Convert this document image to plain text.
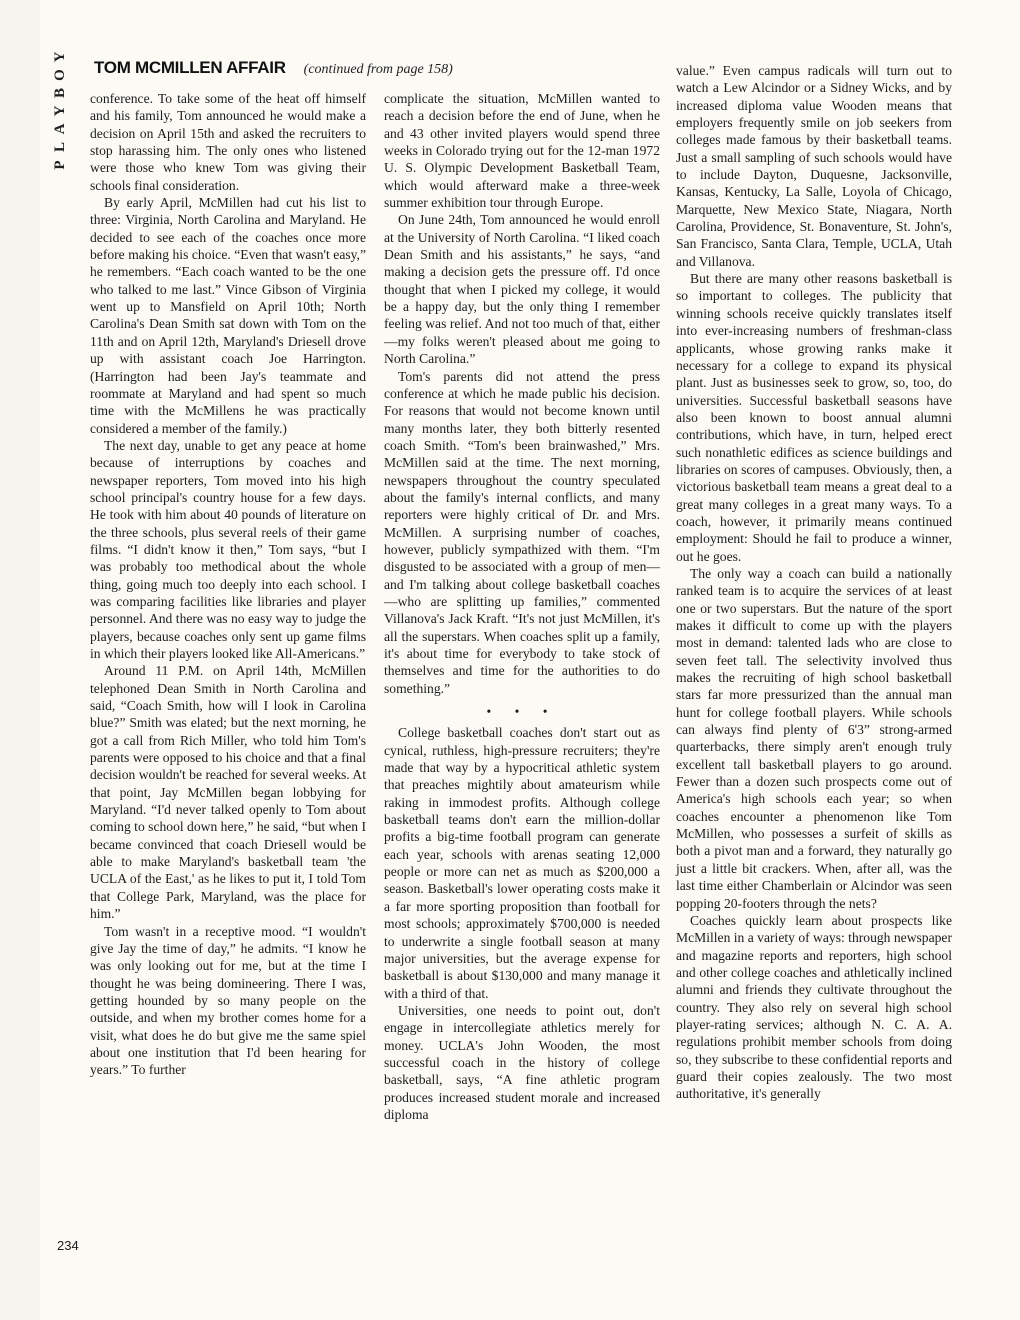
Y
O
B
Y
A
L
P
TOM MCMILLEN AFFAIR (continued from page 158)

conference. To take some of the heat off himself and his family, Tom announced he would make a decision on April 15th and asked the recruiters to stop harassing him. The only ones who listened were those who knew Tom was giving their schools final consideration.

By early April, McMillen had cut his list to three: Virginia, North Carolina and Maryland. He decided to see each of the coaches once more before making his choice. “Even that wasn't easy,” he remembers. “Each coach wanted to be the one who talked to me last.” Vince Gibson of Virginia went up to Mansfield on April 10th; North Carolina's Dean Smith sat down with Tom on the 11th and on April 12th, Maryland's Driesell drove up with assistant coach Joe Harrington. (Harrington had been Jay's teammate and roommate at Maryland and had spent so much time with the McMillens he was practically considered a member of the family.)

The next day, unable to get any peace at home because of interruptions by coaches and newspaper reporters, Tom moved into his high school principal's country house for a few days. He took with him about 40 pounds of literature on the three schools, plus several reels of their game films. “I didn't know it then,” Tom says, “but I was probably too methodical about the whole thing, going much too deeply into each school. I was comparing facilities like libraries and player personnel. And there was no easy way to judge the players, because coaches only sent up game films in which their players looked like All-Americans.”

Around 11 P.M. on April 14th, McMillen telephoned Dean Smith in North Carolina and said, “Coach Smith, how will I look in Carolina blue?” Smith was elated; but the next morning, he got a call from Rich Miller, who told him Tom's parents were opposed to his choice and that a final decision wouldn't be reached for several weeks. At that point, Jay McMillen began lobbying for Maryland. “I'd never talked openly to Tom about coming to school down here,” he said, “but when I became convinced that coach Driesell would be able to make Maryland's basketball team 'the UCLA of the East,' as he likes to put it, I told Tom that College Park, Maryland, was the place for him.”

Tom wasn't in a receptive mood. “I wouldn't give Jay the time of day,” he admits. “I know he was only looking out for me, but at the time I thought he was being domineering. There I was, getting hounded by so many people on the outside, and when my brother comes home for a visit, what does he do but give me the same spiel about one institution that I'd been hearing for years.” To further

complicate the situation, McMillen wanted to reach a decision before the end of June, when he and 43 other invited players would spend three weeks in Colorado trying out for the 12-man 1972 U. S. Olympic Development Basketball Team, which would afterward make a three-week summer exhibition tour through Europe.

On June 24th, Tom announced he would enroll at the University of North Carolina. “I liked coach Dean Smith and his assistants,” he says, “and making a decision gets the pressure off. I'd once thought that when I picked my college, it would be a happy day, but the only thing I remember feeling was relief. And not too much of that, either—my folks weren't pleased about me going to North Carolina.”

Tom's parents did not attend the press conference at which he made public his decision. For reasons that would not become known until many months later, they both bitterly resented coach Smith. “Tom's been brainwashed,” Mrs. McMillen said at the time. The next morning, newspapers throughout the country speculated about the family's internal conflicts, and many reporters were highly critical of Dr. and Mrs. McMillen. A surprising number of coaches, however, publicly sympathized with them. “I'm disgusted to be associated with a group of men—and I'm talking about college basketball coaches—who are splitting up families,” commented Villanova's Jack Kraft. “It's not just McMillen, it's all the superstars. When coaches split up a family, it's about time for everybody to take stock of themselves and time for the authorities to do something.”

• • •

College basketball coaches don't start out as cynical, ruthless, high-pressure recruiters; they're made that way by a hypocritical athletic system that preaches mightily about amateurism while raking in immodest profits. Although college basketball teams don't earn the million-dollar profits a big-time football program can generate each year, schools with arenas seating 12,000 people or more can net as much as $200,000 a season. Basketball's lower operating costs make it a far more sporting proposition than football for most schools; approximately $700,000 is needed to underwrite a single football season at many major universities, but the average expense for basketball is about $130,000 and many manage it with a third of that.

Universities, one needs to point out, don't engage in intercollegiate athletics merely for money. UCLA's John Wooden, the most successful coach in the history of college basketball, says, “A fine athletic program produces increased student morale and increased diploma

value.” Even campus radicals will turn out to watch a Lew Alcindor or a Sidney Wicks, and by increased diploma value Wooden means that employers frequently smile on job seekers from colleges made famous by their basketball teams. Just a small sampling of such schools would have to include Dayton, Duquesne, Jacksonville, Kansas, Kentucky, La Salle, Loyola of Chicago, Marquette, New Mexico State, Niagara, North Carolina, Providence, St. Bonaventure, St. John's, San Francisco, Santa Clara, Temple, UCLA, Utah and Villanova.

But there are many other reasons basketball is so important to colleges. The publicity that winning schools receive quickly translates itself into ever-increasing numbers of freshman-class applicants, whose growing ranks make it necessary for a college to expand its physical plant. Just as businesses seek to grow, so, too, do universities. Successful basketball seasons have also been known to boost annual alumni contributions, which have, in turn, helped erect such nonathletic edifices as science buildings and libraries on scores of campuses. Obviously, then, a victorious basketball team means a great deal to a great many colleges in a great many ways. To a coach, however, it primarily means continued employment: Should he fail to produce a winner, out he goes.

The only way a coach can build a nationally ranked team is to acquire the services of at least one or two superstars. But the nature of the sport makes it difficult to come up with the players most in demand: talented lads who are close to seven feet tall. The selectivity involved thus makes the recruiting of high school basketball stars far more pressurized than the annual man hunt for college football players. While schools can always find plenty of 6'3” strong-armed quarterbacks, there simply aren't enough truly excellent tall basketball players to go around. Fewer than a dozen such prospects come out of America's high schools each year; so when coaches encounter a phenomenon like Tom McMillen, who possesses a surfeit of skills as both a pivot man and a forward, they naturally go just a little bit crackers. When, after all, was the last time either Chamberlain or Alcindor was seen popping 20-footers through the nets?

Coaches quickly learn about prospects like McMillen in a variety of ways: through newspaper and magazine reports and reporters, high school and other college coaches and athletically inclined alumni and friends they cultivate throughout the country. They also rely on several high school player-rating services; although N. C. A. A. regulations prohibit member schools from doing so, they subscribe to these confidential reports and guard their copies zealously. The two most authoritative, it's generally

234
